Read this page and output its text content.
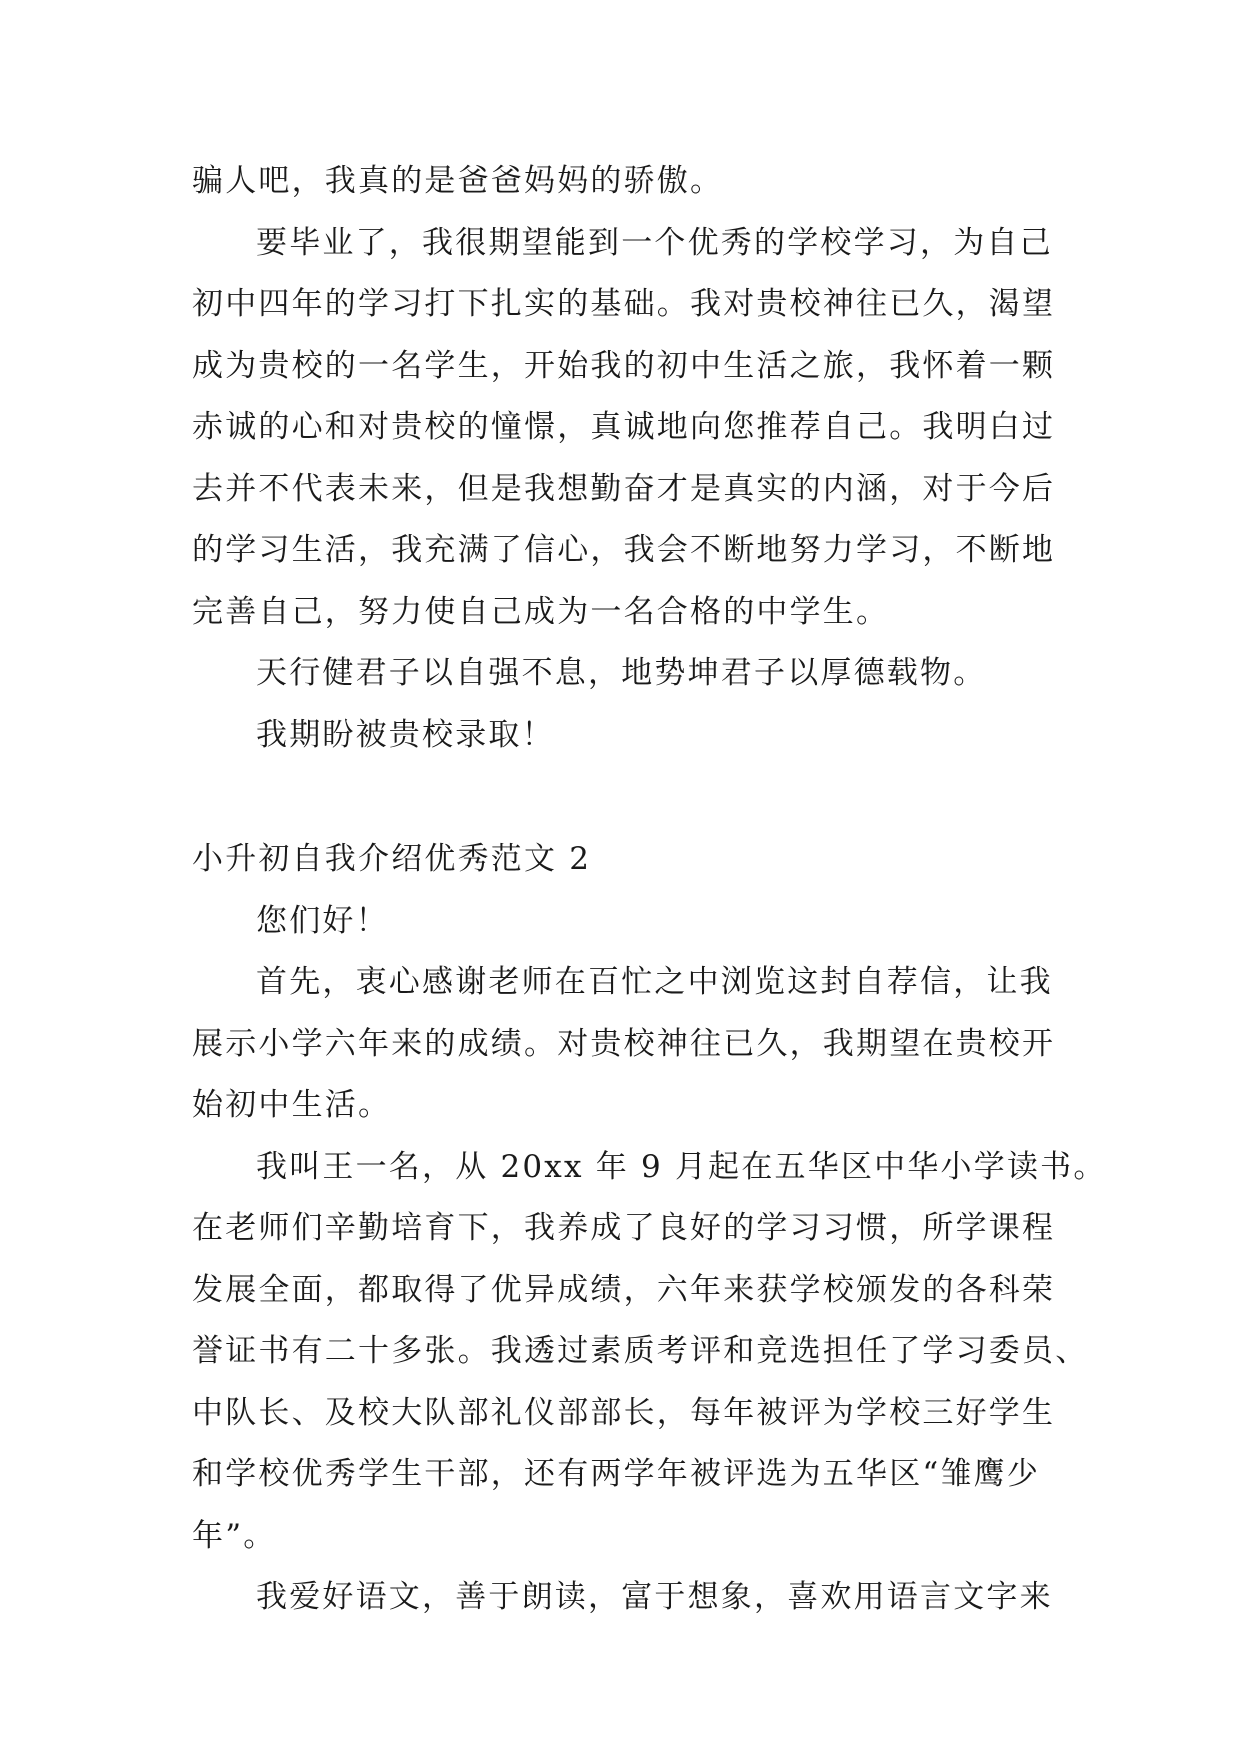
骗人吧，我真的是爸爸妈妈的骄傲。
要毕业了，我很期望能到一个优秀的学校学习，为自己
初中四年的学习打下扎实的基础。我对贵校神往已久，渴望
成为贵校的一名学生，开始我的初中生活之旅，我怀着一颗
赤诚的心和对贵校的憧憬，真诚地向您推荐自己。我明白过
去并不代表未来，但是我想勤奋才是真实的内涵，对于今后
的学习生活，我充满了信心，我会不断地努力学习，不断地
完善自己，努力使自己成为一名合格的中学生。
天行健君子以自强不息，地势坤君子以厚德载物。
我期盼被贵校录取！
小升初自我介绍优秀范文 2
您们好！
首先，衷心感谢老师在百忙之中浏览这封自荐信，让我
展示小学六年来的成绩。对贵校神往已久，我期望在贵校开
始初中生活。
我叫王一名，从 20xx 年 9 月起在五华区中华小学读书。
在老师们辛勤培育下，我养成了良好的学习习惯，所学课程
发展全面，都取得了优异成绩，六年来获学校颁发的各科荣
誉证书有二十多张。我透过素质考评和竞选担任了学习委员、
中队长、及校大队部礼仪部部长，每年被评为学校三好学生
和学校优秀学生干部，还有两学年被评选为五华区“雏鹰少
年”。
我爱好语文，善于朗读，富于想象，喜欢用语言文字来
